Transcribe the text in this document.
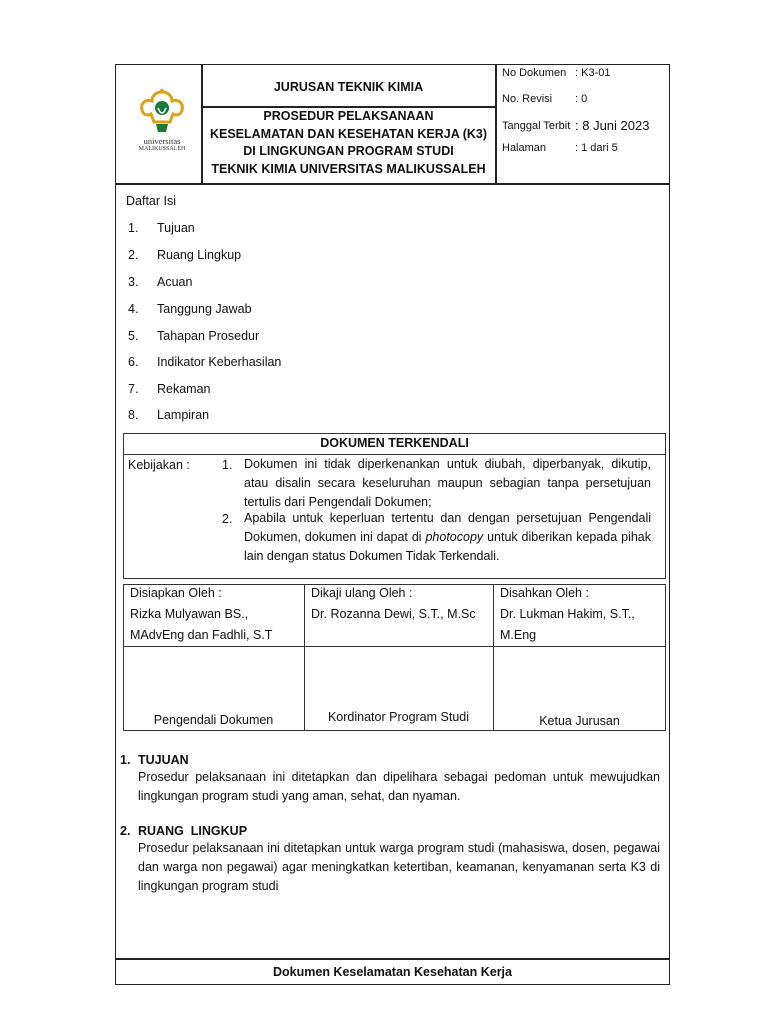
universitas
MALIKUSSALEH
JURUSAN TEKNIK KIMIA
PROSEDUR PELAKSANAAN
KESELAMATAN DAN KESEHATAN KERJA (K3)
DI LINGKUNGAN PROGRAM STUDI
TEKNIK KIMIA UNIVERSITAS MALIKUSSALEH
No Dokumen : K3-01
No. Revisi : 0
Tanggal Terbit : 8 Juni 2023
Halaman	: 1 dari 5
Daftar Isi
1. Tujuan
2. Ruang Lingkup
3. Acuan
4. Tanggung Jawab
5. Tahapan Prosedur
6. Indikator Keberhasilan
7. Rekaman
8. Lampiran
DOKUMEN TERKENDALI
Kebijakan :	1. Dokumen ini tidak diperkenankan untuk diubah, diperbanyak, dikutip, atau disalin secara keseluruhan maupun sebagian tanpa persetujuan tertulis dari Pengendali Dokumen;
2. Apabila untuk keperluan tertentu dan dengan persetujuan Pengendali Dokumen, dokumen ini dapat di photocopy untuk diberikan kepada pihak lain dengan status Dokumen Tidak Terkendali.
Disiapkan Oleh :
Rizka Mulyawan BS.,
MAdvEng dan Fadhli, S.T
Pengendali Dokumen
Dikaji ulang Oleh :
Dr. Rozanna Dewi, S.T., M.Sc
Kordinator Program Studi
Disahkan Oleh :
Dr. Lukman Hakim, S.T.,
M.Eng
Ketua Jurusan
1. TUJUAN
Prosedur pelaksanaan ini ditetapkan dan dipelihara sebagai pedoman untuk mewujudkan lingkungan program studi yang aman, sehat, dan nyaman.
2. RUANG  LINGKUP
Prosedur pelaksanaan ini ditetapkan untuk warga program studi (mahasiswa, dosen, pegawai dan warga non pegawai) agar meningkatkan ketertiban, keamanan, kenyamanan serta K3 di lingkungan program studi
Dokumen Keselamatan Kesehatan Kerja
